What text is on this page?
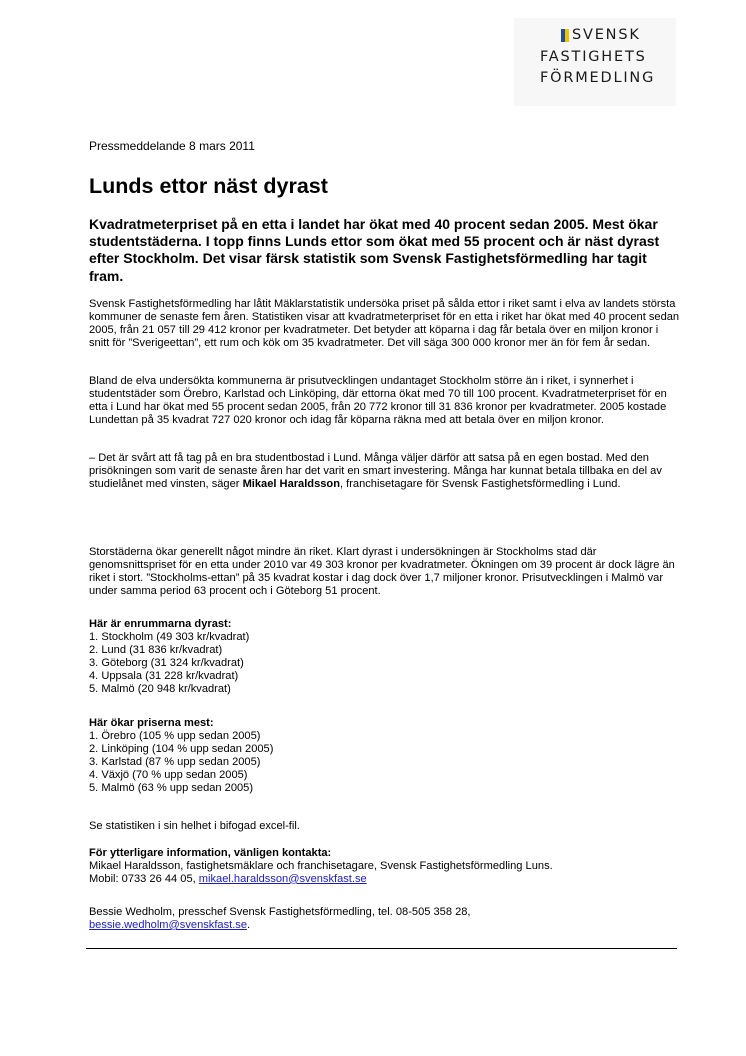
SVENSK
FASTIGHETS
FÖRMEDLING
Pressmeddelande 8 mars 2011
Lunds ettor näst dyrast

Kvadratmeterpriset på en etta i landet har ökat med 40 procent sedan 2005. Mest ökar studentstäderna. I topp finns Lunds ettor som ökat med 55 procent och är näst dyrast efter Stockholm. Det visar färsk statistik som Svensk Fastighetsförmedling har tagit fram.

Svensk Fastighetsförmedling har låtit Mäklarstatistik undersöka priset på sålda ettor i riket samt i elva av landets största kommuner de senaste fem åren. Statistiken visar att kvadratmeterpriset för en etta i riket har ökat med 40 procent sedan 2005, från 21 057 till 29 412 kronor per kvadratmeter. Det betyder att köparna i dag får betala över en miljon kronor i snitt för ”Sverigeettan”, ett rum och kök om 35 kvadratmeter. Det vill säga 300 000 kronor mer än för fem år sedan.

Bland de elva undersökta kommunerna är prisutvecklingen undantaget Stockholm större än i riket, i synnerhet i studentstäder som Örebro, Karlstad och Linköping, där ettorna ökat med 70 till 100 procent. Kvadratmeterpriset för en etta i Lund har ökat med 55 procent sedan 2005, från 20 772 kronor till 31 836 kronor per kvadratmeter. 2005 kostade Lundettan på 35 kvadrat 727 020 kronor och idag får köparna räkna med att betala över en miljon kronor.

– Det är svårt att få tag på en bra studentbostad i Lund. Många väljer därför att satsa på en egen bostad. Med den prisökningen som varit de senaste åren har det varit en smart investering. Många har kunnat betala tillbaka en del av studielånet med vinsten, säger Mikael Haraldsson, franchisetagare för Svensk Fastighetsförmedling i Lund.

Storstäderna ökar generellt något mindre än riket. Klart dyrast i undersökningen är Stockholms stad där genomsnittspriset för en etta under 2010 var 49 303 kronor per kvadratmeter. Ökningen om 39 procent är dock lägre än riket i stort. ”Stockholms-ettan” på 35 kvadrat kostar i dag dock över 1,7 miljoner kronor. Prisutvecklingen i Malmö var under samma period 63 procent och i Göteborg 51 procent.

Här är enrummarna dyrast:
1. Stockholm (49 303 kr/kvadrat)
2. Lund (31 836 kr/kvadrat)
3. Göteborg (31 324 kr/kvadrat)
4. Uppsala (31 228 kr/kvadrat)
5. Malmö (20 948 kr/kvadrat)
Här ökar priserna mest:
1. Örebro (105 % upp sedan 2005)
2. Linköping (104 % upp sedan 2005)
3. Karlstad (87 % upp sedan 2005)
4. Växjö (70 % upp sedan 2005)
5. Malmö (63 % upp sedan 2005)
Se statistiken i sin helhet i bifogad excel-fil.
För ytterligare information, vänligen kontakta:
Mikael Haraldsson, fastighetsmäklare och franchisetagare, Svensk Fastighetsförmedling Luns.
Mobil: 0733 26 44 05, mikael.haraldsson@svenskfast.se
Bessie Wedholm, presschef Svensk Fastighetsförmedling, tel. 08-505 358 28,
bessie.wedholm@svenskfast.se.
